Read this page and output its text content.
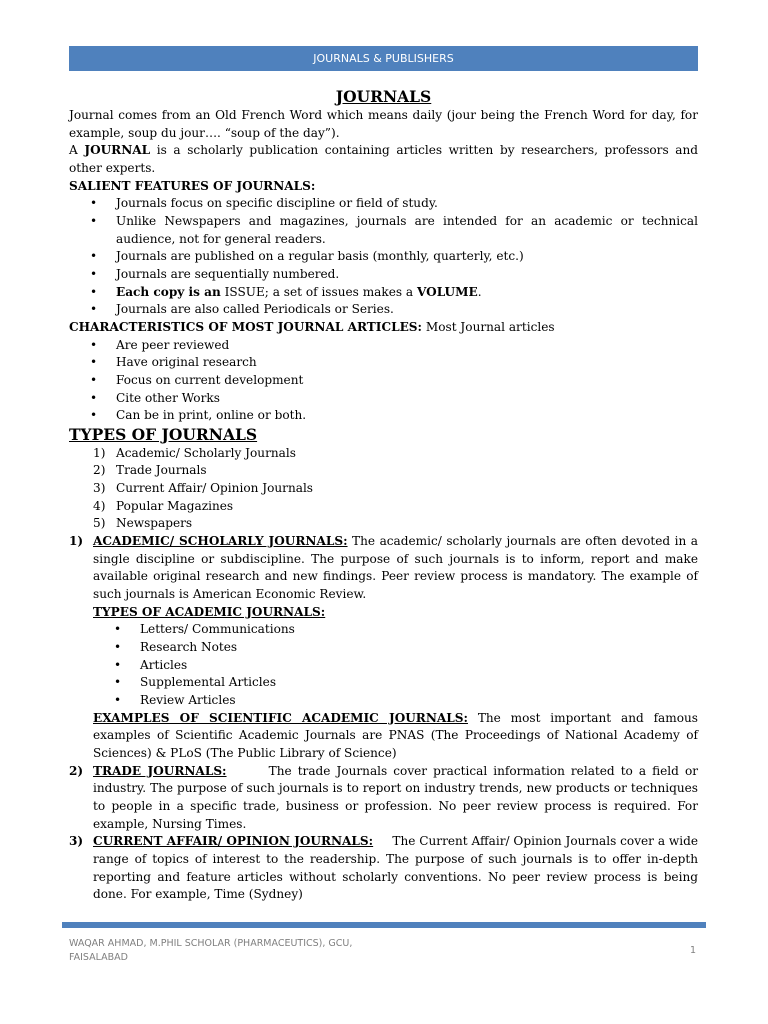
JOURNALS & PUBLISHERS
JOURNALS

Journal comes from an Old French Word which means daily (jour being the French Word for day, for example, soup du jour…. “soup of the day”).

A JOURNAL is a scholarly publication containing articles written by researchers, professors and other experts.

SALIENT FEATURES OF JOURNALS:

• Journals focus on specific discipline or field of study.
• Unlike Newspapers and magazines, journals are intended for an academic or technical audience, not for general readers.
• Journals are published on a regular basis (monthly, quarterly, etc.)
• Journals are sequentially numbered.
• Each copy is an ISSUE; a set of issues makes a VOLUME.
• Journals are also called Periodicals or Series.

CHARACTERISTICS OF MOST JOURNAL ARTICLES: Most Journal articles

• Are peer reviewed
• Have original research
• Focus on current development
• Cite other Works
• Can be in print, online or both.
TYPES OF JOURNALS
1) Academic/ Scholarly Journals
2) Trade Journals
3) Current Affair/ Opinion Journals
4) Popular Magazines
5) Newspapers
1) ACADEMIC/ SCHOLARLY JOURNALS: The academic/ scholarly journals are often devoted in a single discipline or subdiscipline. The purpose of such journals is to inform, report and make available original research and new findings. Peer review process is mandatory. The example of such journals is American Economic Review.

TYPES OF ACADEMIC JOURNALS:

• Letters/ Communications
• Research Notes
• Articles
• Supplemental Articles
• Review Articles

EXAMPLES OF SCIENTIFIC ACADEMIC JOURNALS: The most important and famous examples of Scientific Academic Journals are PNAS (The Proceedings of National Academy of Sciences) & PLoS (The Public Library of Science)

2) TRADE JOURNALS:       The trade Journals cover practical information related to a field or industry. The purpose of such journals is to report on industry trends, new products or techniques to people in a specific trade, business or profession. No peer review process is required. For example, Nursing Times.

3) CURRENT AFFAIR/ OPINION JOURNALS:     The Current Affair/ Opinion Journals cover a wide range of topics of interest to the readership. The purpose of such journals is to offer in-depth reporting and feature articles without scholarly conventions. No peer review process is being done. For example, Time (Sydney)

WAQAR AHMAD, M.PHIL SCHOLAR (PHARMACEUTICS), GCU, FAISALABAD
1
